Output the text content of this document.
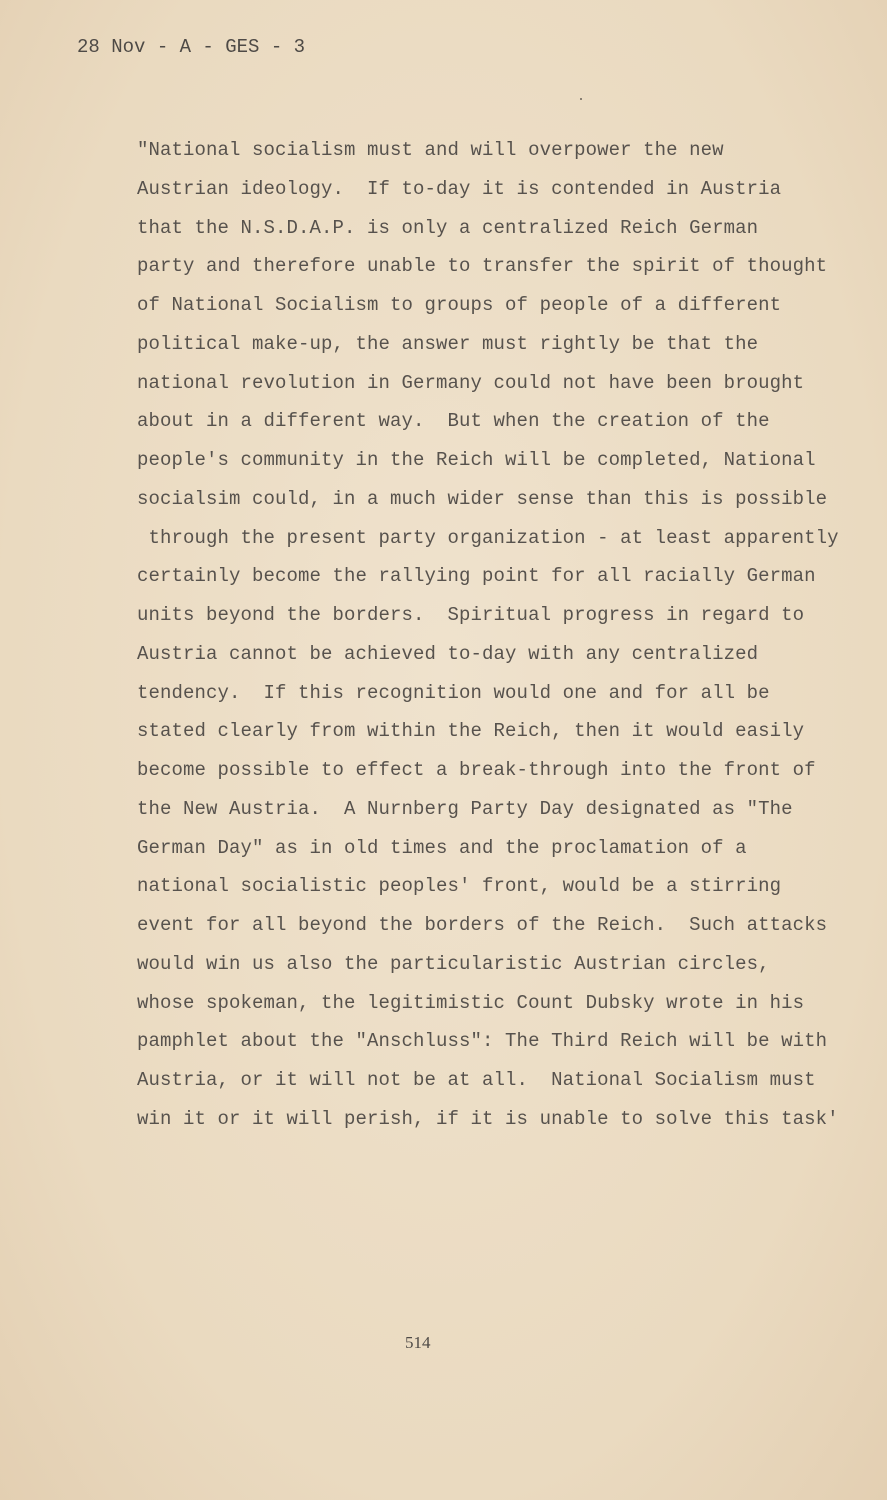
28 Nov - A - GES - 3
"National socialism must and will overpower the new
Austrian ideology.  If to-day it is contended in Austria
that the N.S.D.A.P. is only a centralized Reich German
party and therefore unable to transfer the spirit of thought
of National Socialism to groups of people of a different
political make-up, the answer must rightly be that the
national revolution in Germany could not have been brought
about in a different way.  But when the creation of the
people's community in the Reich will be completed, National
socialsim could, in a much wider sense than this is possible
through the present party organization - at least apparently
certainly become the rallying point for all racially German
units beyond the borders.  Spiritual progress in regard to
Austria cannot be achieved to-day with any centralized
tendency.  If this recognition would one and for all be
stated clearly from within the Reich, then it would easily
become possible to effect a break-through into the front of
the New Austria.  A Nurnberg Party Day designated as "The
German Day" as in old times and the proclamation of a
national socialistic peoples' front, would be a stirring
event for all beyond the borders of the Reich.  Such attacks
would win us also the particularistic Austrian circles,
whose spokeman, the legitimistic Count Dubsky wrote in his
pamphlet about the "Anschluss": The Third Reich will be with
Austria, or it will not be at all.  National Socialism must
win it or it will perish, if it is unable to solve this task'
514
